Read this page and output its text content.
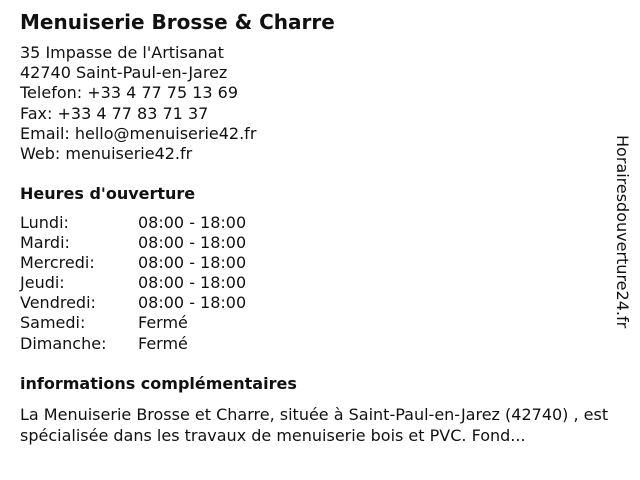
Menuiserie Brosse & Charre
35 Impasse de l'Artisanat
42740 Saint-Paul-en-Jarez
Telefon: +33 4 77 75 13 69
Fax: +33 4 77 83 71 37
Email: hello@menuiserie42.fr
Web: menuiserie42.fr
Heures d'ouverture
Lundi:	08:00 - 18:00
Mardi:	08:00 - 18:00
Mercredi:	08:00 - 18:00
Jeudi:	08:00 - 18:00
Vendredi:	08:00 - 18:00
Samedi:	Fermé
Dimanche:	Fermé
informations complémentaires
La Menuiserie Brosse et Charre, située à Saint-Paul-en-Jarez (42740) , est spécialisée dans les travaux de menuiserie bois et PVC. Fond...
Horairesdouverture24.fr
